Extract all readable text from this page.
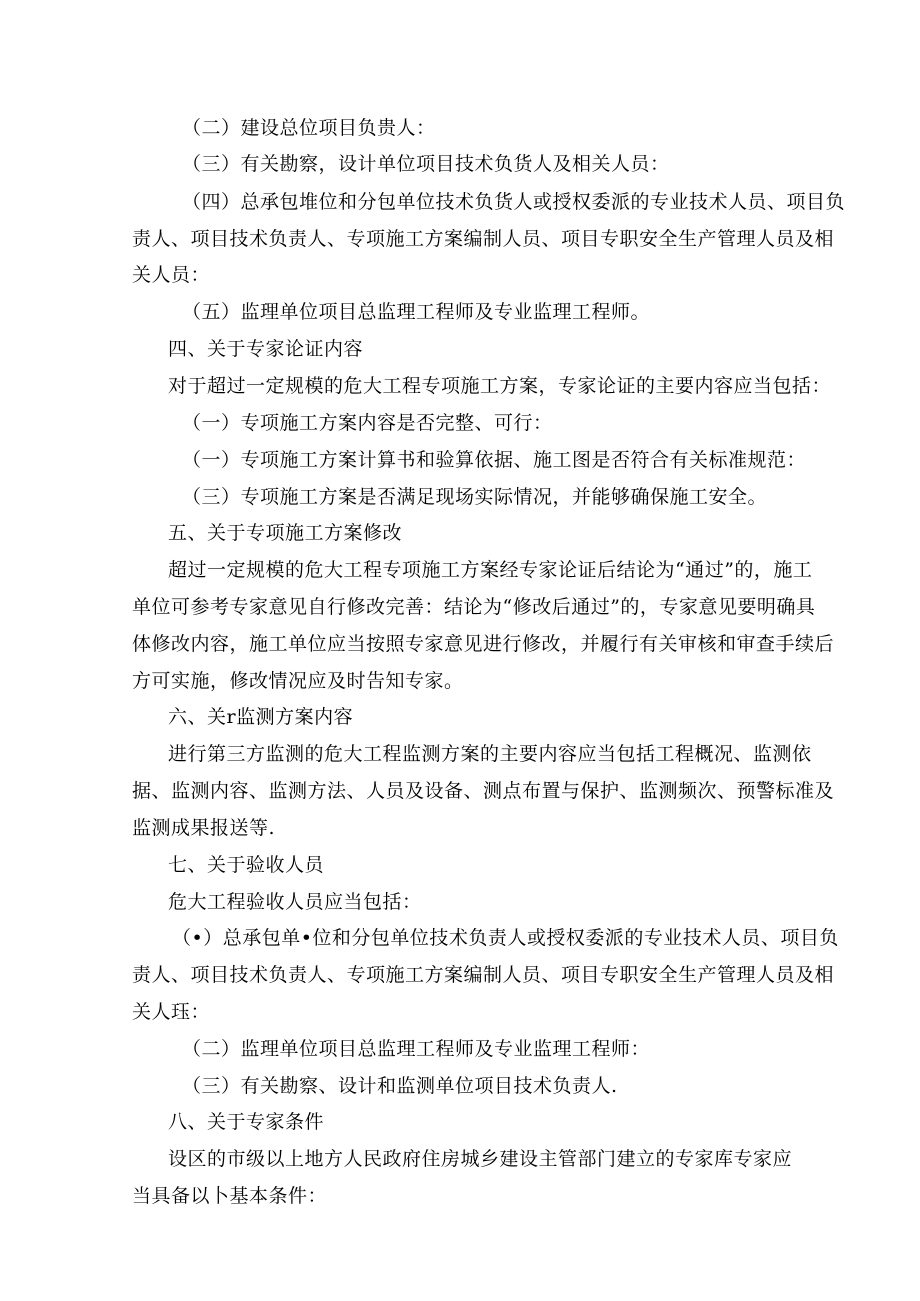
（二）建设总位项目负贵人：

（三）有关勘察，设计单位项目技术负货人及相关人员：

（四）总承包堆位和分包单位技术负货人或授权委派的专业技术人员、项目负

责人、项目技术负责人、专项施工方案编制人员、项目专职安全生产管理人员及相

关人员：

（五）监理单位项目总监理工程师及专业监理工程师。

四、关于专家论证内容

对于超过一定规模的危大工程专项施工方案，专家论证的主要内容应当包括：

（一）专项施工方案内容是否完整、可行：

（一）专项施工方案计算书和验算依据、施工图是否符合有关标准规范：

（三）专项施工方案是否满足现场实际情况，并能够确保施工安全。

五、关于专项施工方案修改

超过一定规模的危大工程专项施工方案经专家论证后结论为“通过”的，施工

单位可参考专家意见自行修改完善：结论为“修改后通过”的，专家意见要明确具

体修改内容，施工单位应当按照专家意见进行修改，并履行有关审核和审查手续后

方可实施，修改情况应及时告知专家。

六、关r监测方案内容

进行第三方监测的危大工程监测方案的主要内容应当包括工程概况、监测依

据、监测内容、监测方法、人员及设备、测点布置与保护、监测频次、预警标准及

监测成果报送等.

七、关于验收人员

危大工程验收人员应当包括：

（•）总承包单•位和分包单位技术负责人或授权委派的专业技术人员、项目负

责人、项目技术负责人、专项施工方案编制人员、项目专职安全生产管理人员及相

关人珏：

（二）监理单位项目总监理工程师及专业监理工程师：

（三）有关勘察、设计和监测单位项目技术负责人.

八、关于专家条件

设区的市级以上地方人民政府住房城乡建设主管部门建立的专家库专家应

当具备以卜基本条件：
